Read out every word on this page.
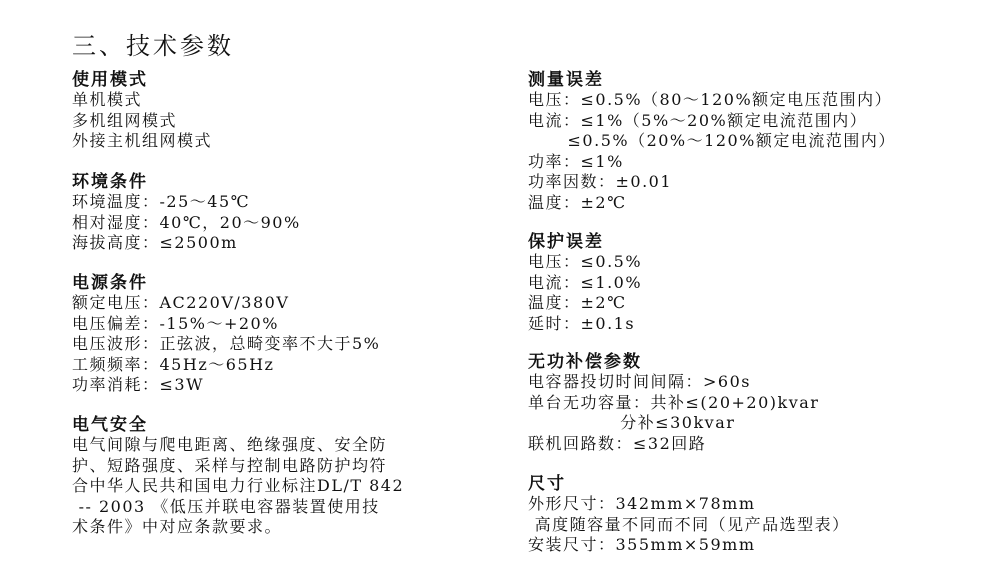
三、技术参数
使用模式
单机模式
多机组网模式
外接主机组网模式
环境条件
环境温度：-25～45℃
相对湿度：40℃，20～90%
海拔高度：≤2500m
电源条件
额定电压：AC220V/380V
电压偏差：-15%～+20%
电压波形：正弦波，总畸变率不大于5%
工频频率：45Hz～65Hz
功率消耗：≤3W
电气安全
电气间隙与爬电距离、绝缘强度、安全防
护、短路强度、采样与控制电路防护均符
合中华人民共和国电力行业标注DL/T 842
-- 2003 《低压并联电容器装置使用技
术条件》中对应条款要求。
测量误差
电压：≤0.5%（80～120%额定电压范围内）
电流：≤1%（5%～20%额定电流范围内）
≤0.5%（20%～120%额定电流范围内）
功率：≤1%
功率因数：±0.01
温度：±2℃
保护误差
电压：≤0.5%
电流：≤1.0%
温度：±2℃
延时：±0.1s
无功补偿参数
电容器投切时间间隔：>60s
单台无功容量：共补≤(20+20)kvar
分补≤30kvar
联机回路数：≤32回路
尺寸
外形尺寸：342mm×78mm
高度随容量不同而不同（见产品选型表）
安装尺寸：355mm×59mm
